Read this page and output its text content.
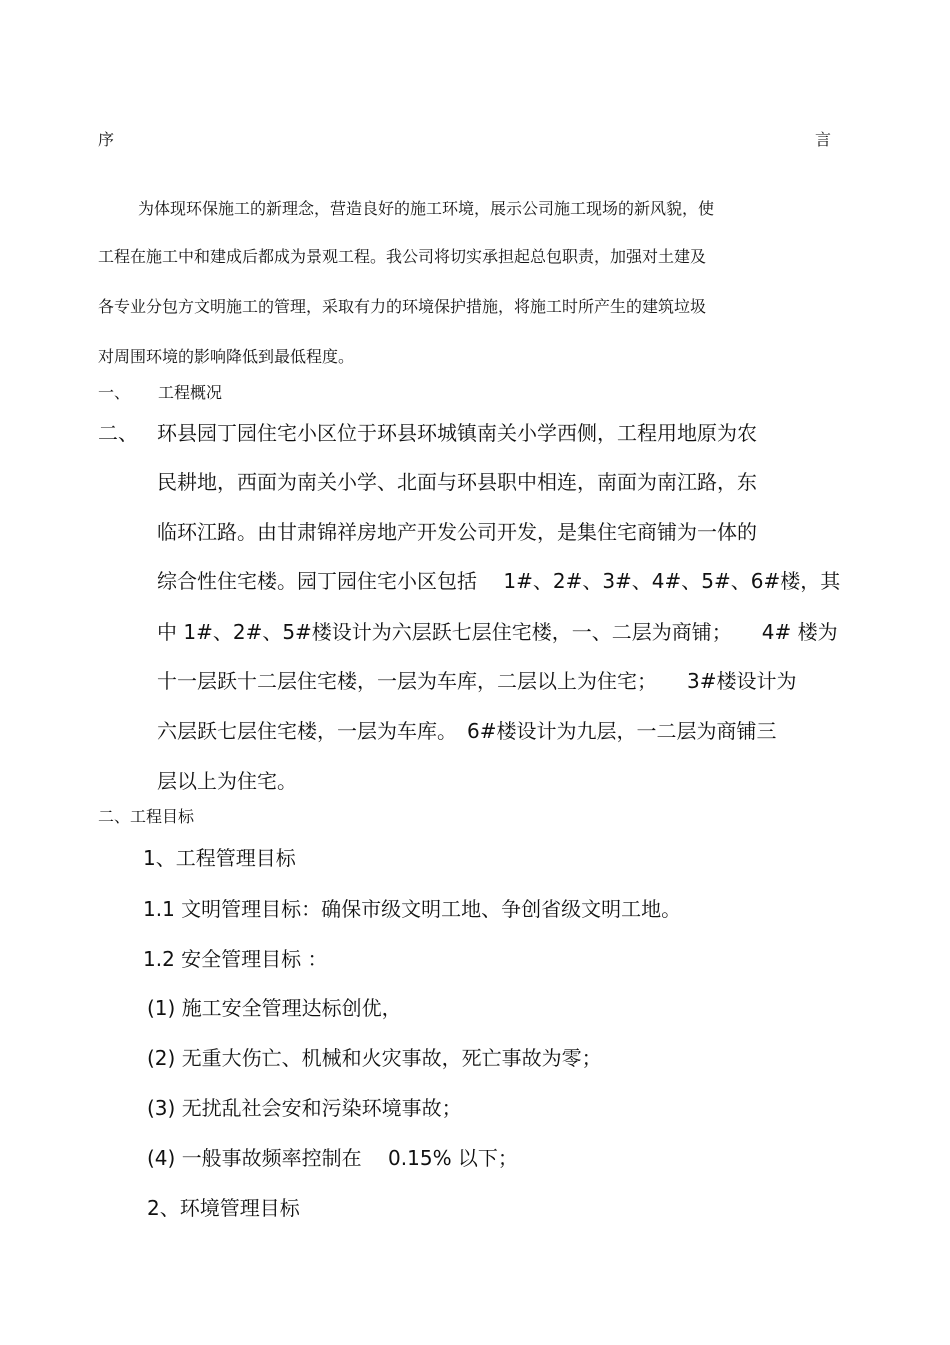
序	言
为体现环保施工的新理念，营造良好的施工环境，展示公司施工现场的新风貌，使
工程在施工中和建成后都成为景观工程。我公司将切实承担起总包职责，加强对土建及
各专业分包方文明施工的管理，采取有力的环境保护措施，将施工时所产生的建筑垃圾
对周围环境的影响降低到最低程度。
一、 工程概况
二、 环县园丁园住宅小区位于环县环城镇南关小学西侧，工程用地原为农
民耕地，西面为南关小学、北面与环县职中相连，南面为南江路，东
临环江路。由甘肃锦祥房地产开发公司开发，是集住宅商铺为一体的
综合性住宅楼。园丁园住宅小区包括　 1#、2#、3#、4#、5#、6#楼，其
中 1#、2#、5#楼设计为六层跃七层住宅楼，一、二层为商铺；　　4# 楼为
十一层跃十二层住宅楼，一层为车库，二层以上为住宅；　　3#楼设计为
六层跃七层住宅楼，一层为车库。　6#楼设计为九层，一二层为商铺三
层以上为住宅。
二、工程目标
1、工程管理目标
1.1 文明管理目标：确保市级文明工地、争创省级文明工地。
1.2 安全管理目标 ：
(1) 施工安全管理达标创优，
(2) 无重大伤亡、机械和火灾事故，死亡事故为零；
(3) 无扰乱社会安和污染环境事故；
(4) 一般事故频率控制在　 0.15% 以下；
2、环境管理目标
